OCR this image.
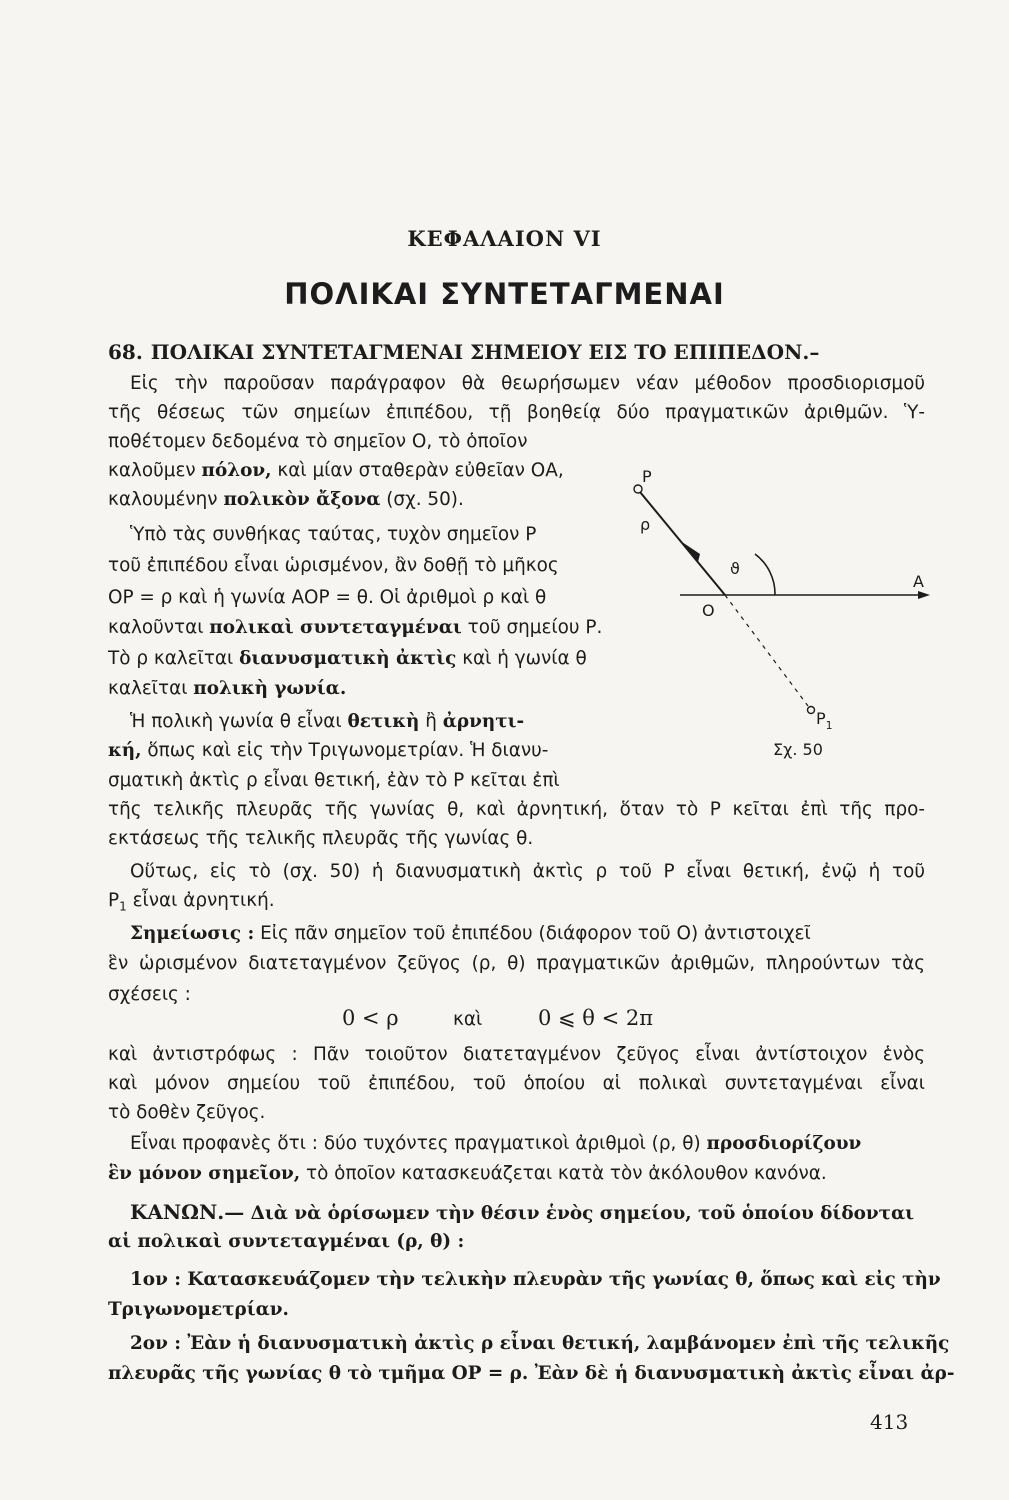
ΚΕΦΑΛΑΙΟΝ VI
ΠΟΛΙΚΑΙ ΣΥΝΤΕΤΑΓΜΕΝΑΙ
68. ΠΟΛΙΚΑΙ ΣΥΝΤΕΤΑΓΜΕΝΑΙ ΣΗΜΕΙΟΥ ΕΙΣ ΤΟ ΕΠΙΠΕΔΟΝ.–
Εἰς τὴν παροῦσαν παράγραφον θὰ θεωρήσωμεν νέαν μέθοδον προσδιορισμοῦ
τῆς θέσεως τῶν σημείων ἐπιπέδου, τῇ βοηθείᾳ δύο πραγματικῶν ἀριθμῶν. Ὑ-
ποθέτομεν δεδομένα τὸ σημεῖον Ο, τὸ ὁποῖον
καλοῦμεν πόλον, καὶ μίαν σταθερὰν εὐθεῖαν ΟΑ,
καλουμένην πολικὸν ἄξονα (σχ. 50).
Ὑπὸ τὰς συνθήκας ταύτας, τυχὸν σημεῖον Ρ
τοῦ ἐπιπέδου εἶναι ὡρισμένον, ἂν δοθῇ τὸ μῆκος
ΟΡ = ρ καὶ ἡ γωνία ΑΟΡ = θ. Οἱ ἀριθμοὶ ρ καὶ θ
καλοῦνται πολικαὶ συντεταγμέναι τοῦ σημείου Ρ.
Τὸ ρ καλεῖται διανυσματικὴ ἀκτὶς καὶ ἡ γωνία θ
καλεῖται πολικὴ γωνία.
Ἡ πολικὴ γωνία θ εἶναι θετικὴ ἢ ἀρνητι-
κή, ὅπως καὶ εἰς τὴν Τριγωνομετρίαν. Ἡ διανυ-
σματικὴ ἀκτὶς ρ εἶναι θετική, ἐὰν τὸ Ρ κεῖται ἐπὶ
τῆς τελικῆς πλευρᾶς τῆς γωνίας θ, καὶ ἀρνητική, ὅταν τὸ Ρ κεῖται ἐπὶ τῆς προ-
εκτάσεως τῆς τελικῆς πλευρᾶς τῆς γωνίας θ.
Οὕτως, εἰς τὸ (σχ. 50) ἡ διανυσματικὴ ἀκτὶς ρ τοῦ Ρ εἶναι θετική, ἐνῷ ἡ τοῦ
$P_1$ εἶναι ἀρνητική.
Σημείωσις : Εἰς πᾶν σημεῖον τοῦ ἐπιπέδου (διάφορον τοῦ Ο) ἀντιστοιχεῖ
ἓν ὡρισμένον διατεταγμένον ζεῦγος (ρ, θ) πραγματικῶν ἀριθμῶν, πληρούντων τὰς
σχέσεις :
0 < ρ	καὶ	0 ⩽ θ < 2π
καὶ ἀντιστρόφως : Πᾶν τοιοῦτον διατεταγμένον ζεῦγος εἶναι ἀντίστοιχον ἑνὸς
καὶ μόνον σημείου τοῦ ἐπιπέδου, τοῦ ὁποίου αἱ πολικαὶ συντεταγμέναι εἶναι
τὸ δοθὲν ζεῦγος.
Εἶναι προφανὲς ὅτι : δύο τυχόντες πραγματικοὶ ἀριθμοὶ (ρ, θ) προσδιορίζουν
ἓν μόνον σημεῖον, τὸ ὁποῖον κατασκευάζεται κατὰ τὸν ἀκόλουθον κανόνα.
ΚΑΝΩΝ.— Διὰ νὰ ὁρίσωμεν τὴν θέσιν ἑνὸς σημείου, τοῦ ὁποίου δίδονται
αἱ πολικαὶ συντεταγμέναι (ρ, θ) :
1ον : Κατασκευάζομεν τὴν τελικὴν πλευρὰν τῆς γωνίας θ, ὅπως καὶ εἰς τὴν
Τριγωνομετρίαν.
2ον : Ἐὰν ἡ διανυσματικὴ ἀκτὶς ρ εἶναι θετική, λαμβάνομεν ἐπὶ τῆς τελικῆς
πλευρᾶς τῆς γωνίας θ τὸ τμῆμα ΟΡ = ρ. Ἐὰν δὲ ἡ διανυσματικὴ ἀκτὶς εἶναι ἀρ-
P
ρ
ϑ
O
A
$P_1$
Σχ. 50
413
